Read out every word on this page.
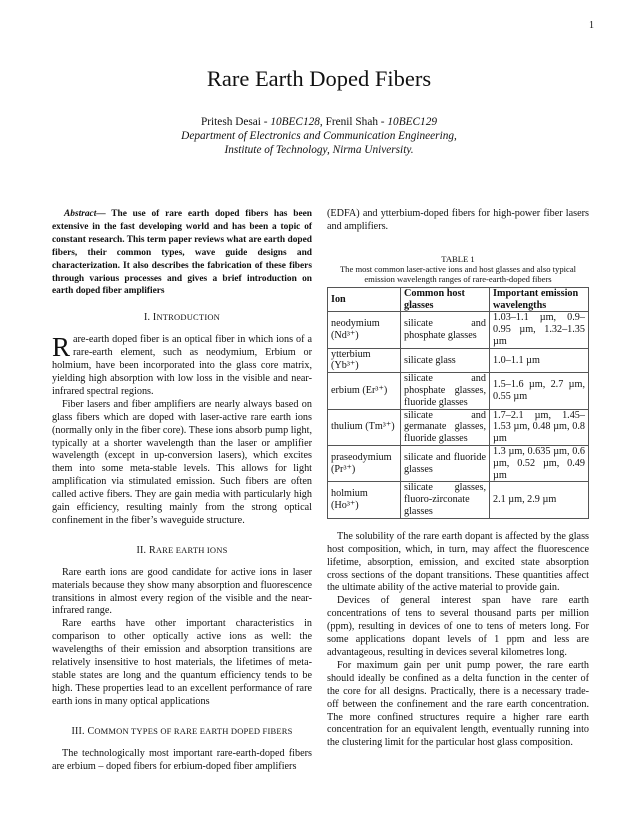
1
Rare Earth Doped Fibers
Pritesh Desai - 10BEC128, Frenil Shah - 10BEC129
Department of Electronics and Communication Engineering,
Institute of Technology, Nirma University.

Abstract— The use of rare earth doped fibers has been extensive in the fast developing world and has been a topic of constant research. This term paper reviews what are earth doped fibers, their common types, wave guide designs and characterization. It also describes the fabrication of these fibers through various processes and gives a brief introduction on earth doped fiber amplifiers

I. INTRODUCTION

Rare-earth doped fiber is an optical fiber in which ions of a rare-earth element, such as neodymium, Erbium or holmium, have been incorporated into the glass core matrix, yielding high absorption with low loss in the visible and near-infrared spectral regions.

Fiber lasers and fiber amplifiers are nearly always based on glass fibers which are doped with laser-active rare earth ions (normally only in the fiber core). These ions absorb pump light, typically at a shorter wavelength than the laser or amplifier wavelength (except in up-conversion lasers), which excites them into some meta-stable levels. This allows for light amplification via stimulated emission. Such fibers are often called active fibers. They are gain media with particularly high gain efficiency, resulting mainly from the strong optical confinement in the fiber’s waveguide structure.

II. RARE EARTH IONS

Rare earth ions are good candidate for active ions in laser materials because they show many absorption and fluorescence transitions in almost every region of the visible and the near-infrared range.

Rare earths have other important characteristics in comparison to other optically active ions as well: the wavelengths of their emission and absorption transitions are relatively insensitive to host materials, the lifetimes of meta-stable states are long and the quantum efficiency tends to be high. These properties lead to an excellent performance of rare earth ions in many optical applications

III. COMMON TYPES OF RARE EARTH DOPED FIBERS

The technologically most important rare-earth-doped fibers are erbium – doped fibers for erbium-doped fiber amplifiers

(EDFA) and ytterbium-doped fibers for high-power fiber lasers and amplifiers.

TABLE 1
The most common laser-active ions and host glasses and also typical emission wavelength ranges of rare-earth-doped fibers
Ion	Common host glasses	Important emission wavelengths
neodymium (Nd³⁺)	silicate and phosphate glasses	1.03–1.1 µm, 0.9–0.95 µm, 1.32–1.35 µm
ytterbium (Yb³⁺)	silicate glass	1.0–1.1 µm
erbium (Er³⁺)	silicate and phosphate glasses, fluoride glasses	1.5–1.6 µm, 2.7 µm, 0.55 µm
thulium (Tm³⁺)	silicate and germanate glasses, fluoride glasses	1.7–2.1 µm, 1.45–1.53 µm, 0.48 µm, 0.8 µm
praseodymium (Pr³⁺)	silicate and fluoride glasses	1.3 µm, 0.635 µm, 0.6 µm, 0.52 µm, 0.49 µm
holmium (Ho³⁺)	silicate glasses, fluoro-zirconate glasses	2.1 µm, 2.9 µm

The solubility of the rare earth dopant is affected by the glass host composition, which, in turn, may affect the fluorescence lifetime, absorption, emission, and excited state absorption cross sections of the dopant transitions. These quantities affect the ultimate ability of the active material to provide gain.

Devices of general interest span have rare earth concentrations of tens to several thousand parts per million (ppm), resulting in devices of one to tens of meters long. For some applications dopant levels of 1 ppm and less are advantageous, resulting in devices several kilometres long.

For maximum gain per unit pump power, the rare earth should ideally be confined as a delta function in the center of the core for all designs. Practically, there is a necessary trade-off between the confinement and the rare earth concentration. The more confined structures require a higher rare earth concentration for an equivalent length, eventually running into the clustering limit for the particular host glass composition.
